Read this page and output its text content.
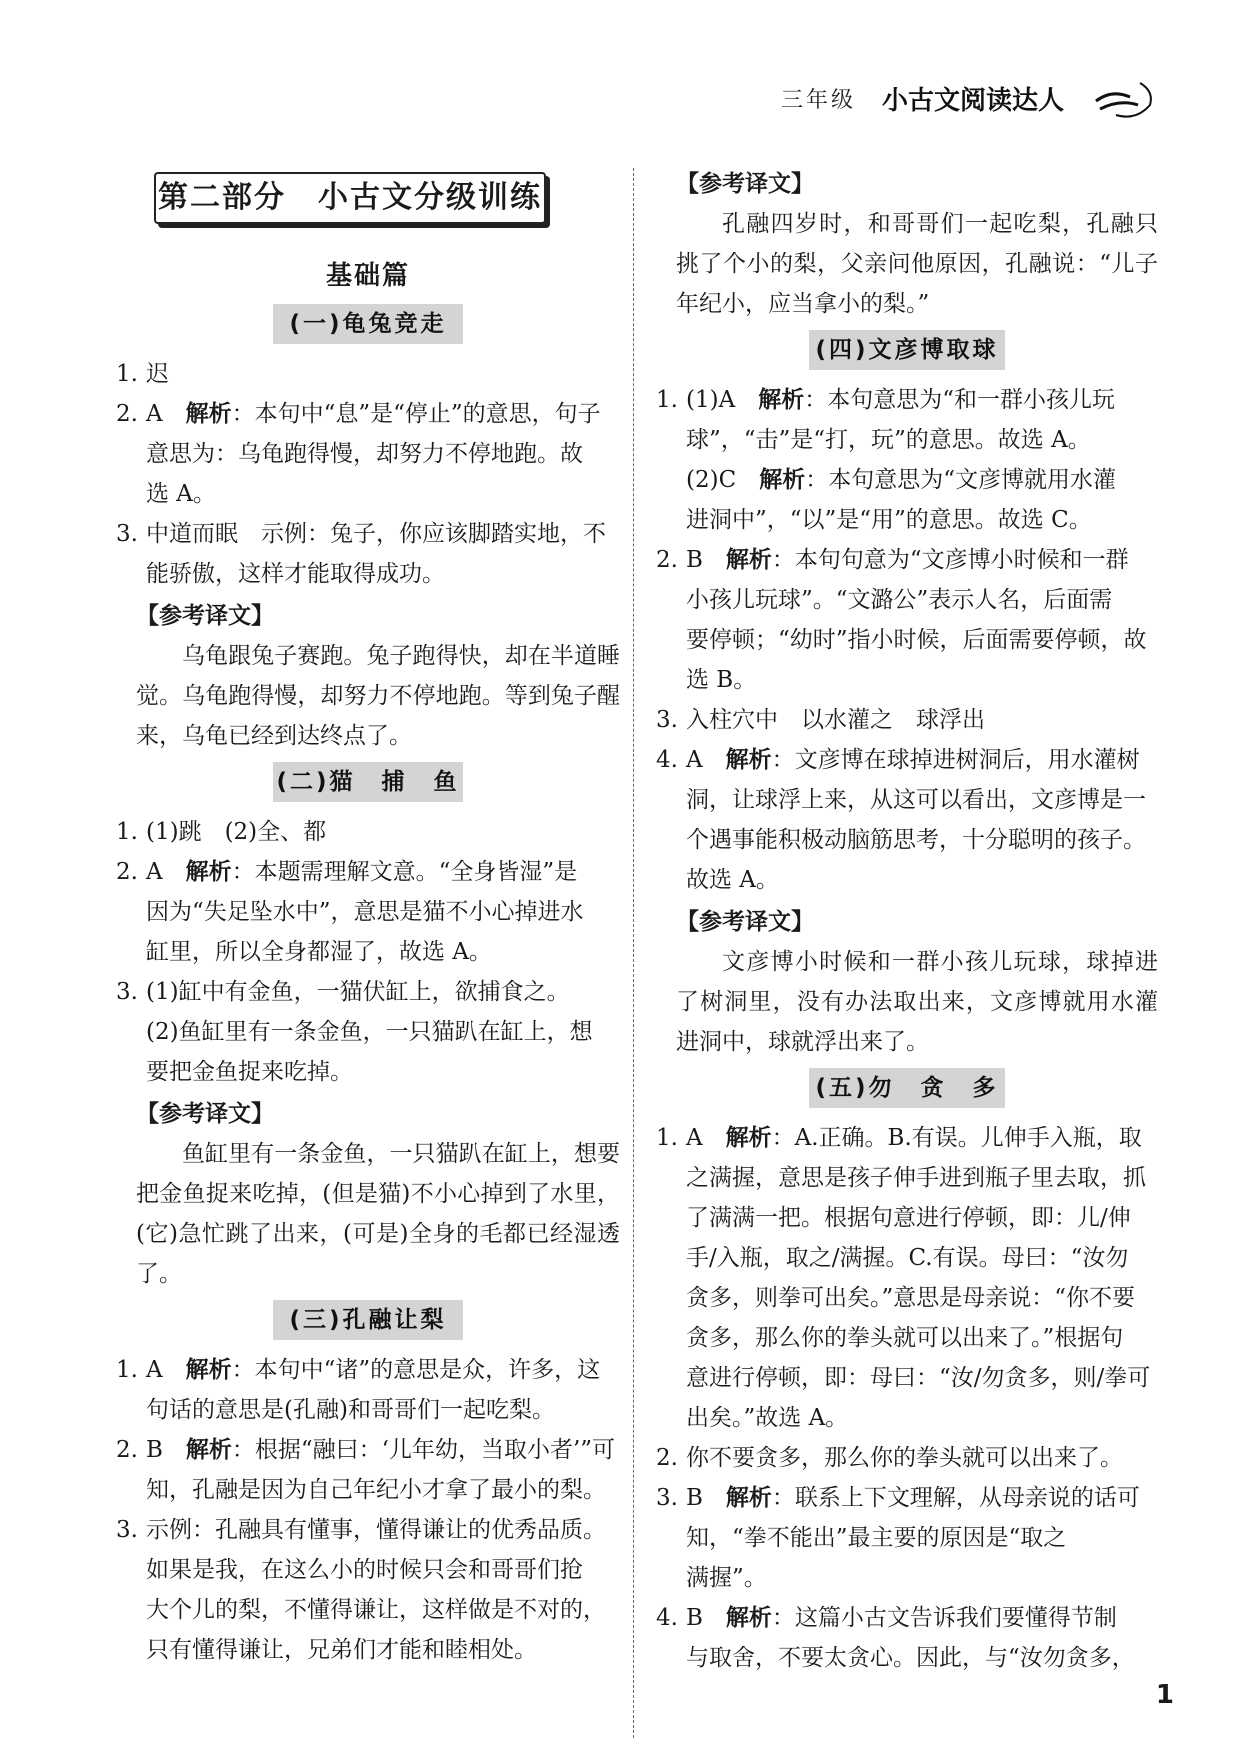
三年级 小古文阅读达人
第二部分　小古文分级训练
基础篇
(一)龟兔竞走
1. 迟
2. A　 解析：本句中“息”是“停止”的意思，句子
意思为：乌龟跑得慢，却努力不停地跑。故
选 A。
3. 中道而眠　示例：兔子，你应该脚踏实地，不
能骄傲，这样才能取得成功。
【参考译文】
乌龟跟兔子赛跑。兔子跑得快，却在半道睡觉。乌龟跑得慢，却努力不停地跑。等到兔子醒来，乌龟已经到达终点了。
(二)猫　捕　鱼
1. (1)跳　(2)全、都
2. A　 解析：本题需理解文意。“全身皆湿”是
因为“失足坠水中”，意思是猫不小心掉进水
缸里，所以全身都湿了，故选 A。
3. (1)缸中有金鱼，一猫伏缸上，欲捕食之。
(2)鱼缸里有一条金鱼，一只猫趴在缸上，想
要把金鱼捉来吃掉。
【参考译文】
鱼缸里有一条金鱼，一只猫趴在缸上，想要把金鱼捉来吃掉，(但是猫)不小心掉到了水里，(它)急忙跳了出来，(可是)全身的毛都已经湿透了。
(三)孔融让梨
1. A　 解析：本句中“诸”的意思是众，许多，这
句话的意思是(孔融)和哥哥们一起吃梨。
2. B　 解析：根据“融曰：‘儿年幼，当取小者’”可
知，孔融是因为自己年纪小才拿了最小的梨。
3. 示例：孔融具有懂事，懂得谦让的优秀品质。
如果是我，在这么小的时候只会和哥哥们抢
大个儿的梨，不懂得谦让，这样做是不对的，
只有懂得谦让，兄弟们才能和睦相处。
【参考译文】
孔融四岁时，和哥哥们一起吃梨，孔融只挑了个小的梨，父亲问他原因，孔融说：“儿子年纪小，应当拿小的梨。”
(四)文彦博取球
1. (1)A　 解析：本句意思为“和一群小孩儿玩
球”，“击”是“打，玩”的意思。故选 A。
(2)C　 解析：本句意思为“文彦博就用水灌
进洞中”，“以”是“用”的意思。故选 C。
2. B　 解析：本句句意为“文彦博小时候和一群
小孩儿玩球”。“文潞公”表示人名，后面需
要停顿；“幼时”指小时候，后面需要停顿，故
选 B。
3. 入柱穴中　以水灌之　球浮出
4. A　 解析：文彦博在球掉进树洞后，用水灌树
洞，让球浮上来，从这可以看出，文彦博是一
个遇事能积极动脑筋思考，十分聪明的孩子。
故选 A。
【参考译文】
文彦博小时候和一群小孩儿玩球，球掉进了树洞里，没有办法取出来，文彦博就用水灌进洞中，球就浮出来了。
(五)勿　贪　多
1. A　 解析：A.正确。B.有误。儿伸手入瓶，取
之满握，意思是孩子伸手进到瓶子里去取，抓
了满满一把。根据句意进行停顿，即：儿/伸
手/入瓶，取之/满握。C.有误。母曰：“汝勿
贪多，则拳可出矣。”意思是母亲说：“你不要
贪多，那么你的拳头就可以出来了。”根据句
意进行停顿，即：母曰：“汝/勿贪多，则/拳可
出矣。”故选 A。
2. 你不要贪多，那么你的拳头就可以出来了。
3. B　 解析：联系上下文理解，从母亲说的话可
知，“拳不能出”最主要的原因是“取之
满握”。
4. B　 解析：这篇小古文告诉我们要懂得节制
与取舍，不要太贪心。因此，与“汝勿贪多，
1
